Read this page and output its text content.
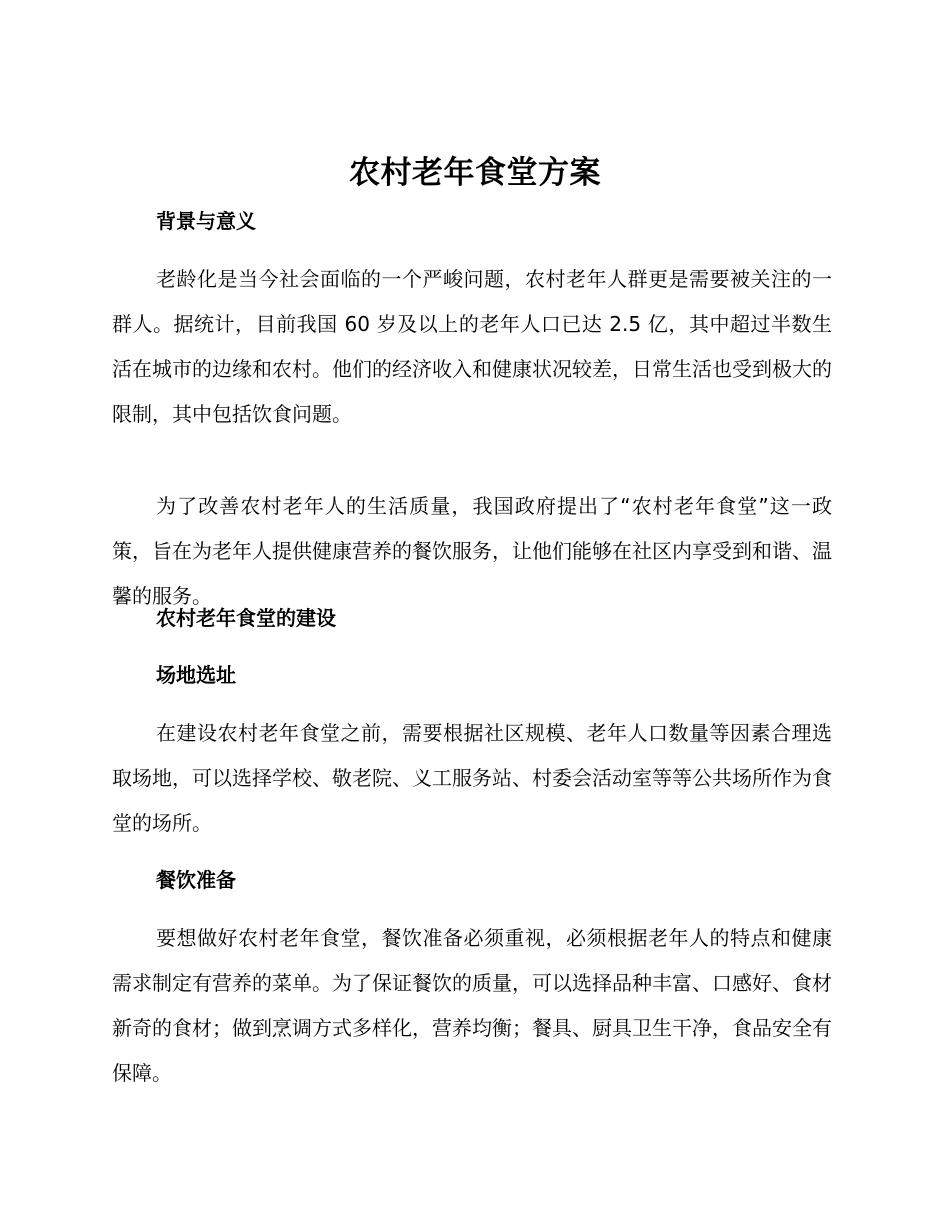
农村老年食堂方案
背景与意义
老龄化是当今社会面临的一个严峻问题，农村老年人群更是需要被关注的一群人。据统计，目前我国 60 岁及以上的老年人口已达 2.5 亿，其中超过半数生活在城市的边缘和农村。他们的经济收入和健康状况较差，日常生活也受到极大的限制，其中包括饮食问题。
为了改善农村老年人的生活质量，我国政府提出了“农村老年食堂”这一政策，旨在为老年人提供健康营养的餐饮服务，让他们能够在社区内享受到和谐、温馨的服务。
农村老年食堂的建设
场地选址
在建设农村老年食堂之前，需要根据社区规模、老年人口数量等因素合理选取场地，可以选择学校、敬老院、义工服务站、村委会活动室等等公共场所作为食堂的场所。
餐饮准备
要想做好农村老年食堂，餐饮准备必须重视，必须根据老年人的特点和健康需求制定有营养的菜单。为了保证餐饮的质量，可以选择品种丰富、口感好、食材新奇的食材；做到烹调方式多样化，营养均衡；餐具、厨具卫生干净，食品安全有保障。
